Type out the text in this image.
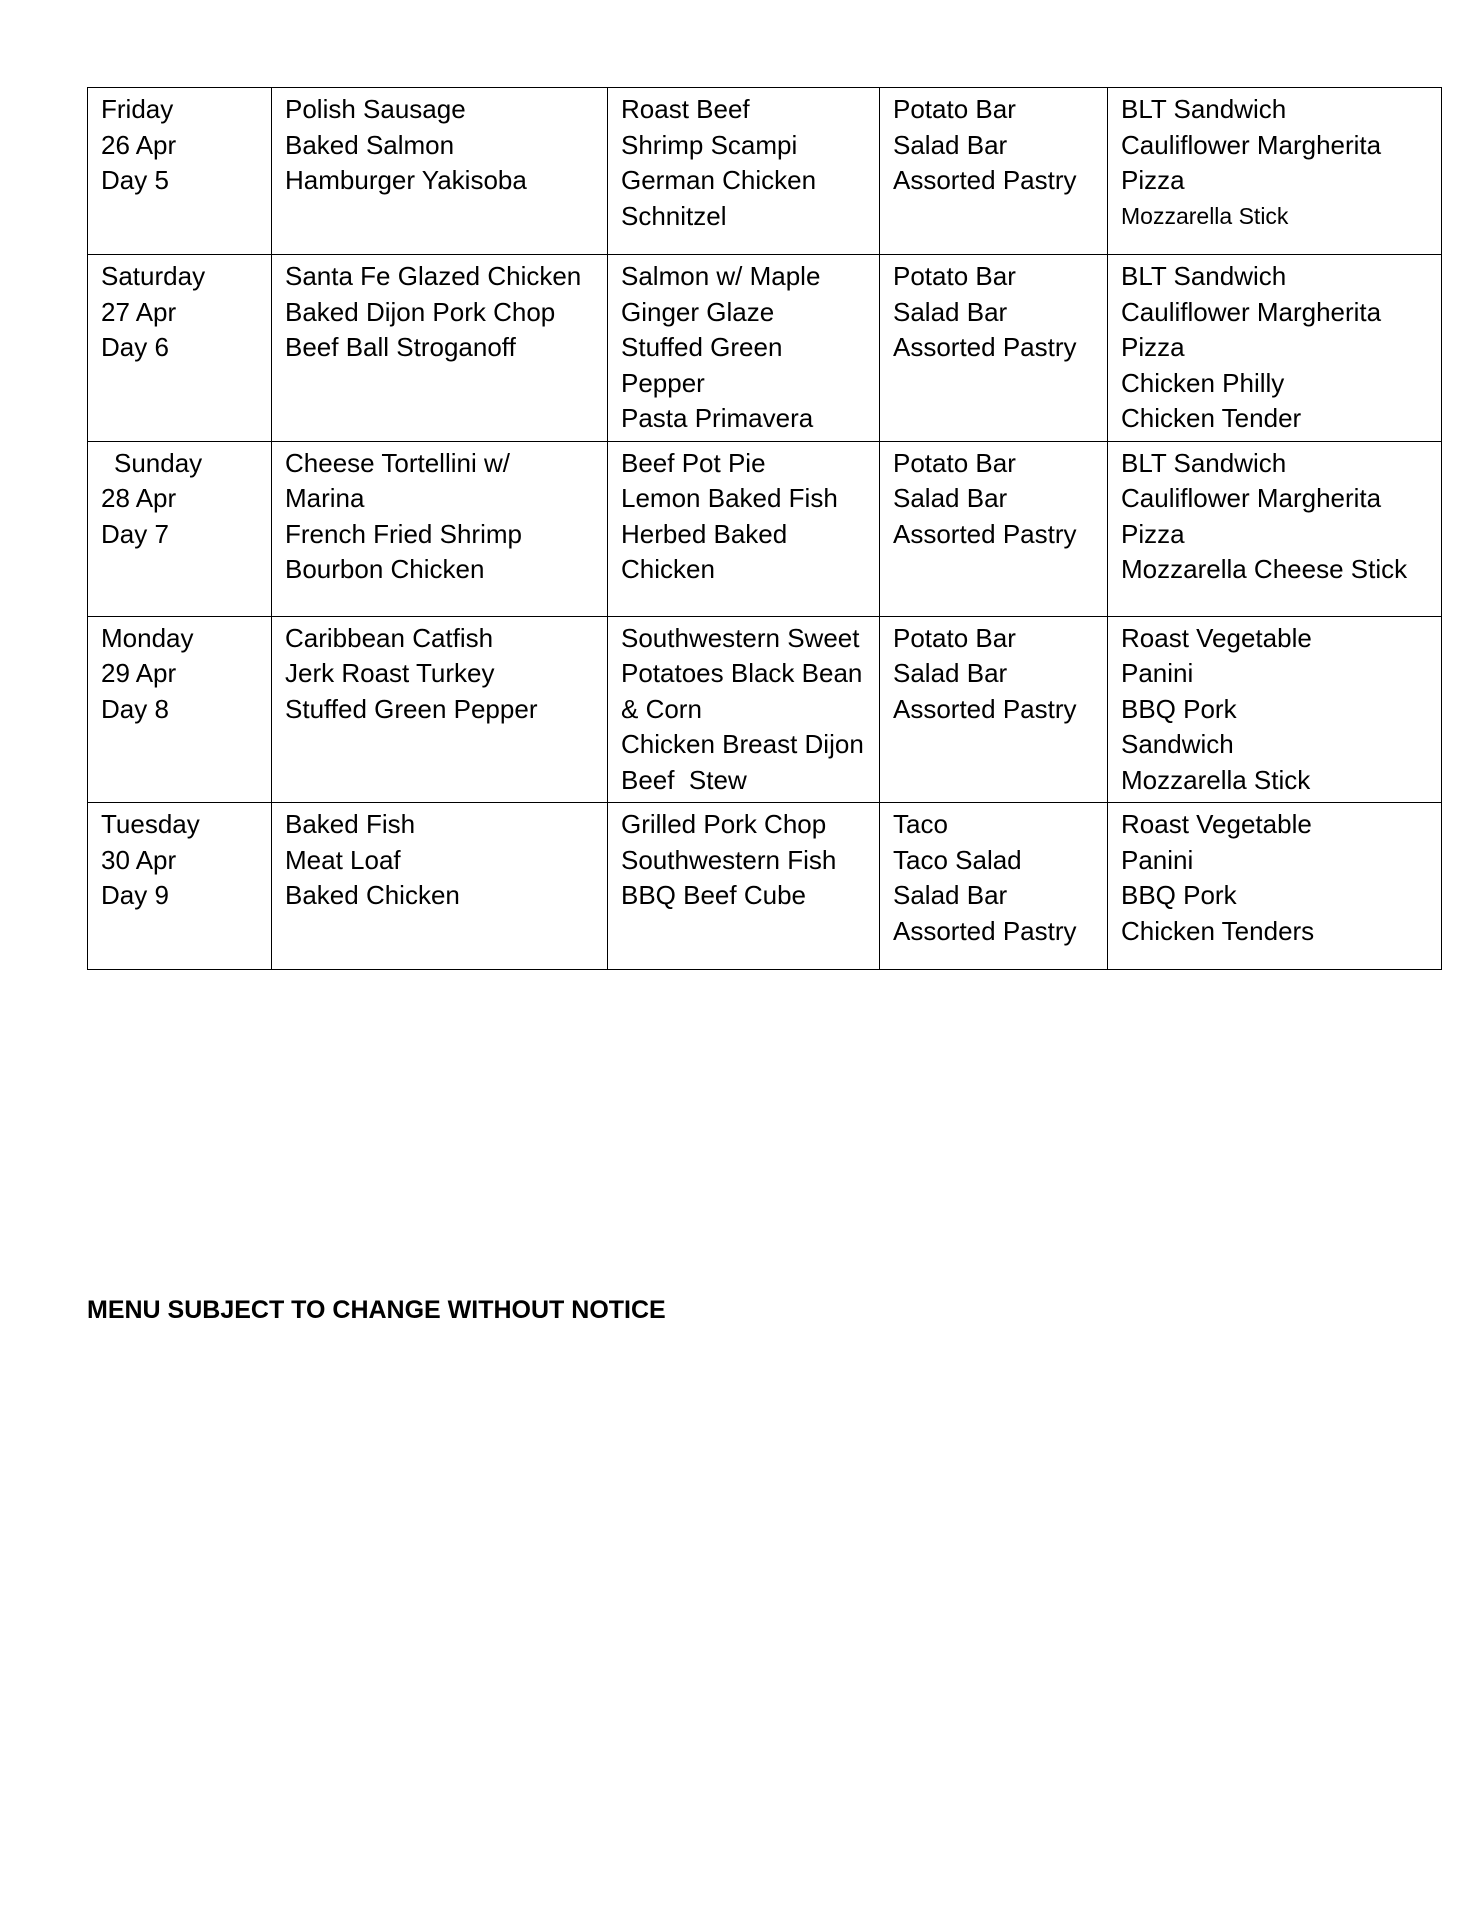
Friday
26 Apr
Day 5	Polish Sausage
Baked Salmon
Hamburger Yakisoba	Roast Beef
Shrimp Scampi
German Chicken
Schnitzel	Potato Bar
Salad Bar
Assorted Pastry	BLT Sandwich
Cauliflower Margherita
Pizza
Mozzarella Stick

Saturday
27 Apr
Day 6	Santa Fe Glazed Chicken
Baked Dijon Pork Chop
Beef Ball Stroganoff	Salmon w/ Maple
Ginger Glaze
Stuffed Green
Pepper
Pasta Primavera	Potato Bar
Salad Bar
Assorted Pastry	BLT Sandwich
Cauliflower Margherita
Pizza
Chicken Philly
Chicken Tender

Sunday
28 Apr
Day 7	Cheese Tortellini w/
Marina
French Fried Shrimp
Bourbon Chicken	Beef Pot Pie
Lemon Baked Fish
Herbed Baked
Chicken	Potato Bar
Salad Bar
Assorted Pastry	BLT Sandwich
Cauliflower Margherita
Pizza
Mozzarella Cheese Stick

Monday
29 Apr
Day 8	Caribbean Catfish
Jerk Roast Turkey
Stuffed Green Pepper	Southwestern Sweet
Potatoes Black Bean
& Corn
Chicken Breast Dijon
Beef  Stew	Potato Bar
Salad Bar
Assorted Pastry	Roast Vegetable
Panini
BBQ Pork
Sandwich
Mozzarella Stick

Tuesday
30 Apr
Day 9	Baked Fish
Meat Loaf
Baked Chicken	Grilled Pork Chop
Southwestern Fish
BBQ Beef Cube	Taco
Taco Salad
Salad Bar
Assorted Pastry	Roast Vegetable
Panini
BBQ Pork
Chicken Tenders
MENU SUBJECT TO CHANGE WITHOUT NOTICE
